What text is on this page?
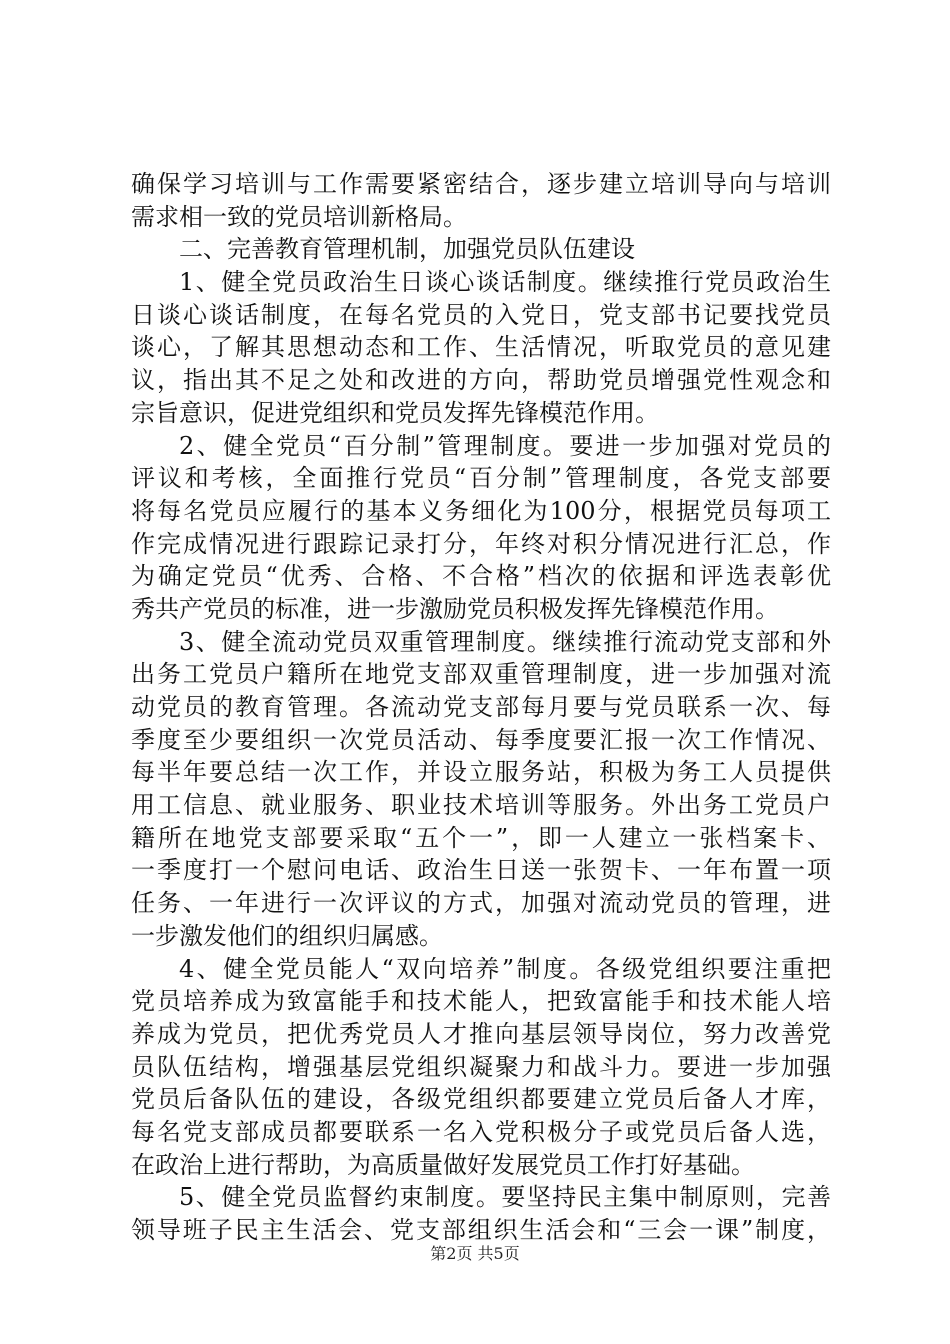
确保学习培训与工作需要紧密结合，逐步建立培训导向与培训
需求相一致的党员培训新格局。
二、完善教育管理机制，加强党员队伍建设
1、健全党员政治生日谈心谈话制度。继续推行党员政治生
日谈心谈话制度，在每名党员的入党日，党支部书记要找党员
谈心，了解其思想动态和工作、生活情况，听取党员的意见建
议，指出其不足之处和改进的方向，帮助党员增强党性观念和
宗旨意识，促进党组织和党员发挥先锋模范作用。
2、健全党员“百分制”管理制度。要进一步加强对党员的
评议和考核，全面推行党员“百分制”管理制度，各党支部要
将每名党员应履行的基本义务细化为100分，根据党员每项工
作完成情况进行跟踪记录打分，年终对积分情况进行汇总，作
为确定党员“优秀、合格、不合格”档次的依据和评选表彰优
秀共产党员的标准，进一步激励党员积极发挥先锋模范作用。
3、健全流动党员双重管理制度。继续推行流动党支部和外
出务工党员户籍所在地党支部双重管理制度，进一步加强对流
动党员的教育管理。各流动党支部每月要与党员联系一次、每
季度至少要组织一次党员活动、每季度要汇报一次工作情况、
每半年要总结一次工作，并设立服务站，积极为务工人员提供
用工信息、就业服务、职业技术培训等服务。外出务工党员户
籍所在地党支部要采取“五个一”，即一人建立一张档案卡、
一季度打一个慰问电话、政治生日送一张贺卡、一年布置一项
任务、一年进行一次评议的方式，加强对流动党员的管理，进
一步激发他们的组织归属感。
4、健全党员能人“双向培养”制度。各级党组织要注重把
党员培养成为致富能手和技术能人，把致富能手和技术能人培
养成为党员，把优秀党员人才推向基层领导岗位，努力改善党
员队伍结构，增强基层党组织凝聚力和战斗力。要进一步加强
党员后备队伍的建设，各级党组织都要建立党员后备人才库，
每名党支部成员都要联系一名入党积极分子或党员后备人选，
在政治上进行帮助，为高质量做好发展党员工作打好基础。
5、健全党员监督约束制度。要坚持民主集中制原则，完善
领导班子民主生活会、党支部组织生活会和“三会一课”制度，
第2页 共5页
